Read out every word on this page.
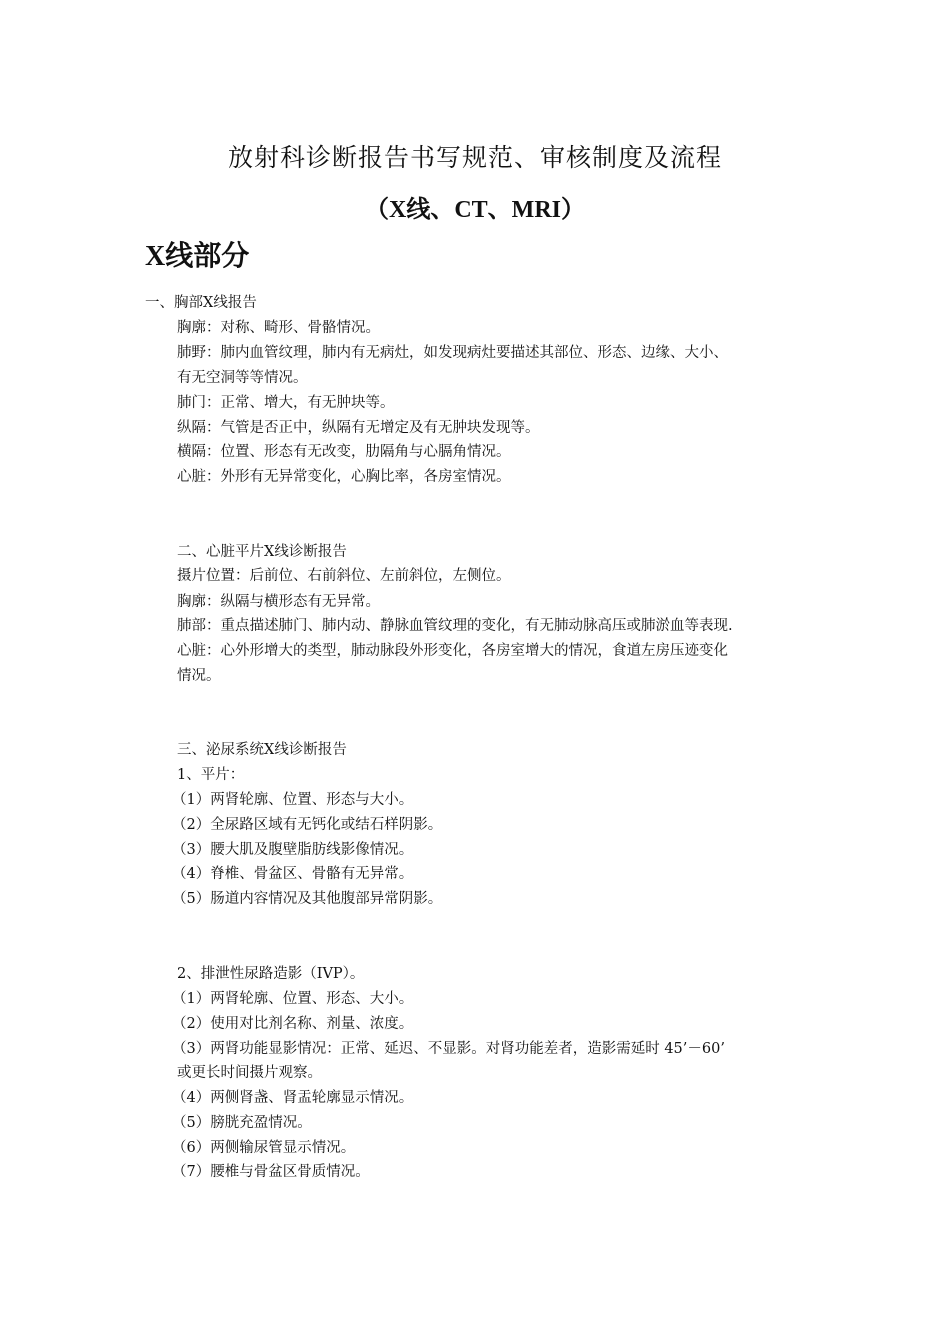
放射科诊断报告书写规范、审核制度及流程
（X线、CT、MRI）
X线部分
一、胸部X线报告
胸廓：对称、畸形、骨骼情况。
肺野：肺内血管纹理，肺内有无病灶，如发现病灶要描述其部位、形态、边缘、大小、
有无空洞等等情况。
肺门：正常、增大，有无肿块等。
纵隔：气管是否正中，纵隔有无增定及有无肿块发现等。
横隔：位置、形态有无改变，肋隔角与心膈角情况。
心脏：外形有无异常变化，心胸比率，各房室情况。
二、心脏平片X线诊断报告
摄片位置：后前位、右前斜位、左前斜位，左侧位。
胸廓：纵隔与横形态有无异常。
肺部：重点描述肺门、肺内动、静脉血管纹理的变化，有无肺动脉高压或肺淤血等表现.
心脏：心外形增大的类型，肺动脉段外形变化，各房室增大的情况，食道左房压迹变化
情况。
三、泌尿系统X线诊断报告
1、平片：
（1）两肾轮廓、位置、形态与大小。
（2）全尿路区域有无钙化或结石样阴影。
（3）腰大肌及腹壁脂肪线影像情况。
（4）脊椎、骨盆区、骨骼有无异常。
（5）肠道内容情况及其他腹部异常阴影。
2、排泄性尿路造影（IVP）。
（1）两肾轮廓、位置、形态、大小。
（2）使用对比剂名称、剂量、浓度。
（3）两肾功能显影情况：正常、延迟、不显影。对肾功能差者，造影需延时 45’－60’
或更长时间摄片观察。
（4）两侧肾盏、肾盂轮廓显示情况。
（5）膀胱充盈情况。
（6）两侧输尿管显示情况。
（7）腰椎与骨盆区骨质情况。
